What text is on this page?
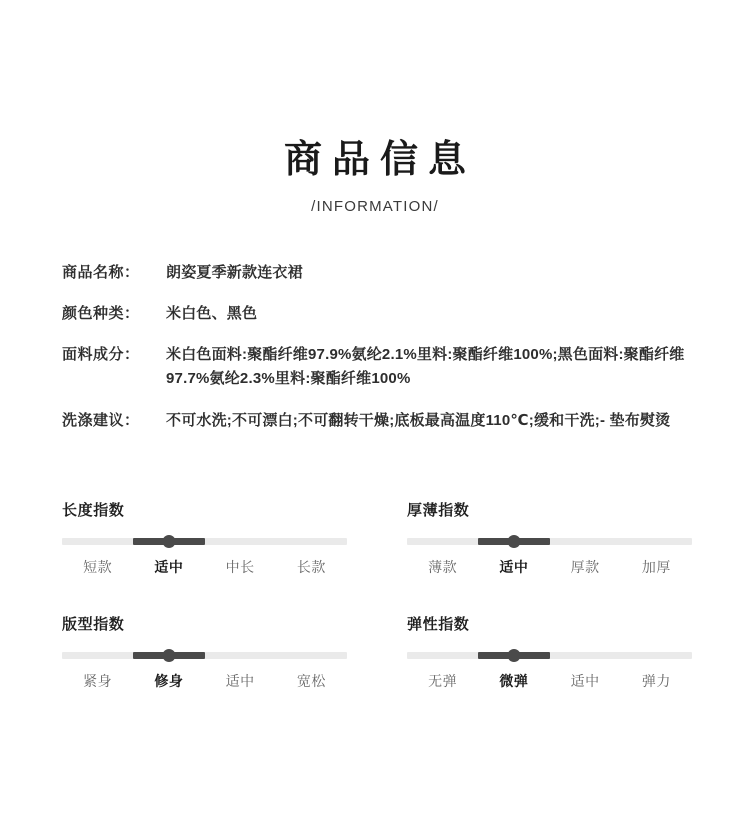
商品信息
/INFORMATION/
商品名称：	朗姿夏季新款连衣裙
颜色种类：	米白色、黑色
面料成分：	米白色面料:聚酯纤维97.9%氨纶2.1%里料:聚酯纤维100%;黑色面料:聚酯纤维97.7%氨纶2.3%里料:聚酯纤维100%
洗涤建议：	不可水洗;不可漂白;不可翻转干燥;底板最高温度110℃;缓和干洗;- 垫布熨烫
长度指数
短款	适中	中长	长款
厚薄指数
薄款	适中	厚款	加厚
版型指数
紧身	修身	适中	宽松
弹性指数
无弹	微弹	适中	弹力
